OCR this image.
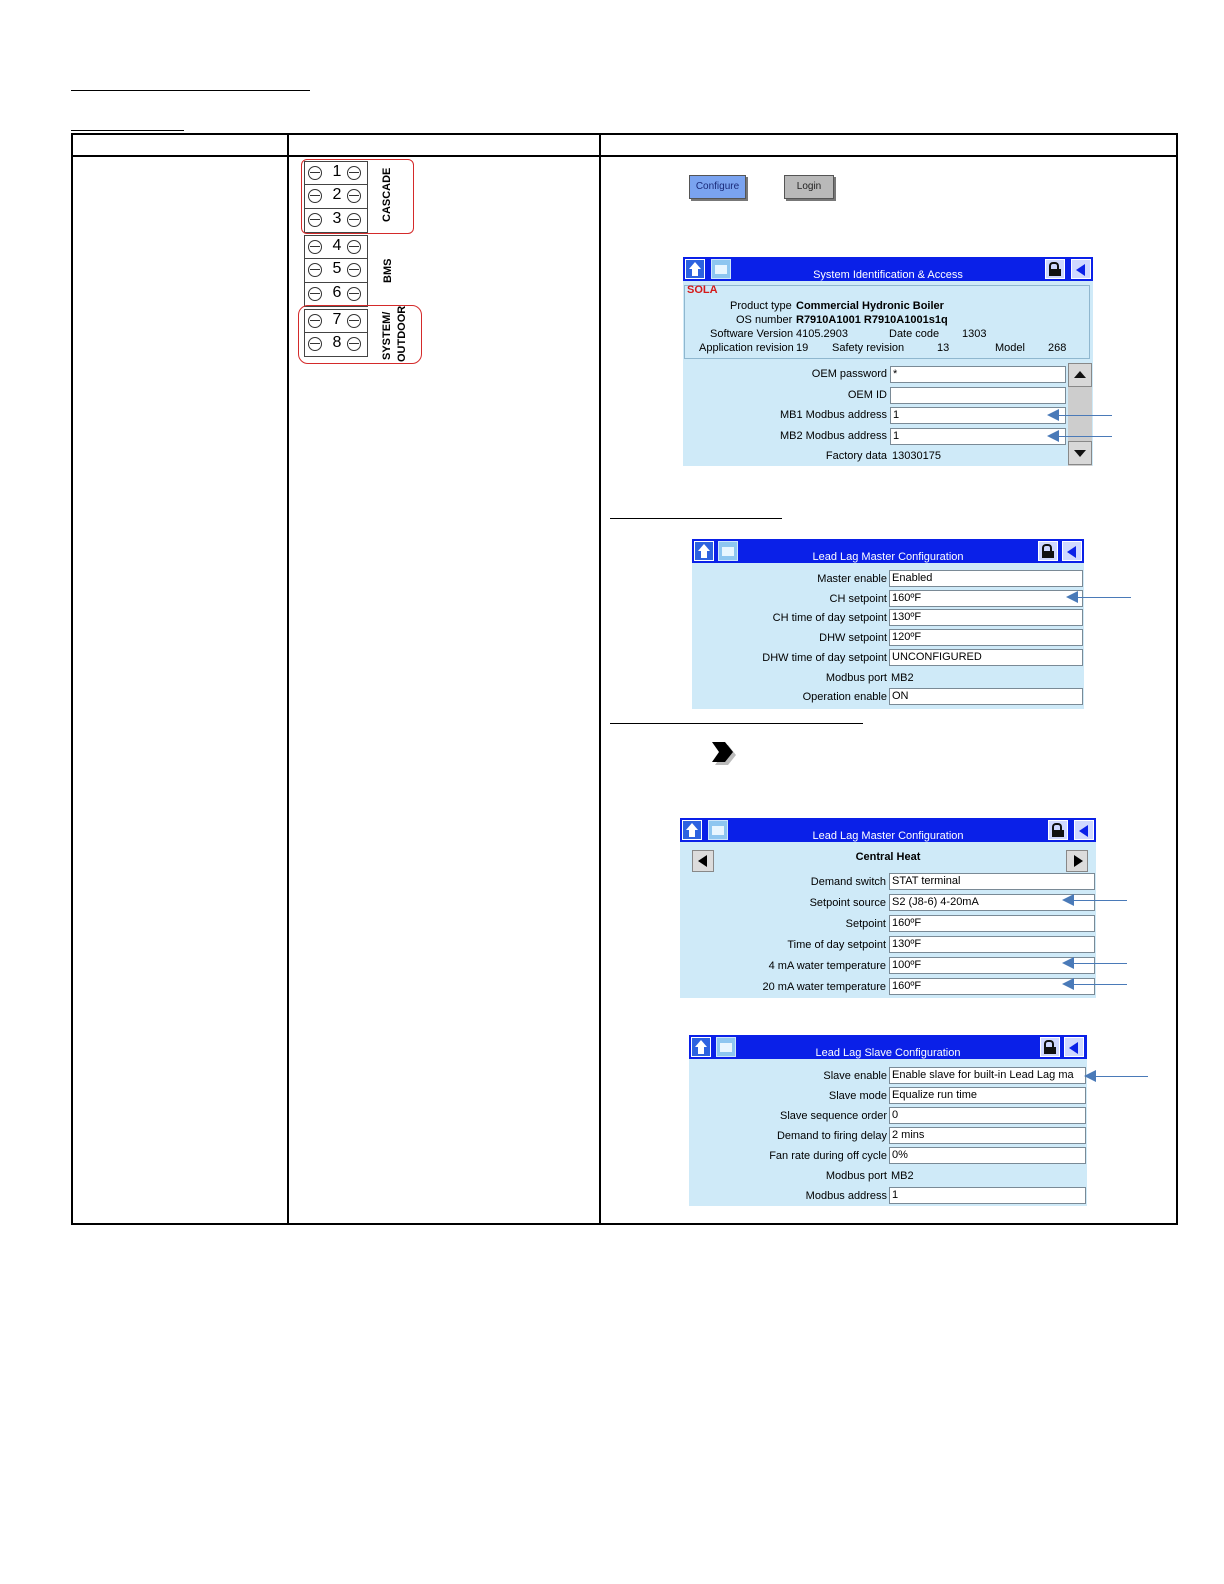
1
2
3
4
5
6
7
8
CASCADE
BMS
SYSTEM/ OUTDOOR
Configure	Login
System Identification & Access
SOLA
Product type Commercial Hydronic Boiler
OS number R7910A1001 R7910A1001s1q
Software Version 4105.2903	Date code 1303
Application revision 19 Safety revision	13	Model 268
OEM password *
OEM ID
MB1 Modbus address 1
MB2 Modbus address 1
Factory data 13030175
Lead Lag Master Configuration
Master enable Enabled
CH setpoint 160ºF
CH time of day setpoint 130ºF
DHW setpoint 120ºF
DHW time of day setpoint UNCONFIGURED
Modbus port MB2
Operation enable ON
Lead Lag Master Configuration
Central Heat
Demand switch STAT terminal
Setpoint source S2 (J8-6) 4-20mA
Setpoint 160ºF
Time of day setpoint 130ºF
4 mA water temperature 100ºF
20 mA water temperature 160ºF
Lead Lag Slave Configuration
Slave enable Enable slave for built-in Lead Lag ma
Slave mode Equalize run time
Slave sequence order 0
Demand to firing delay 2 mins
Fan rate during off cycle 0%
Modbus port MB2
Modbus address 1
